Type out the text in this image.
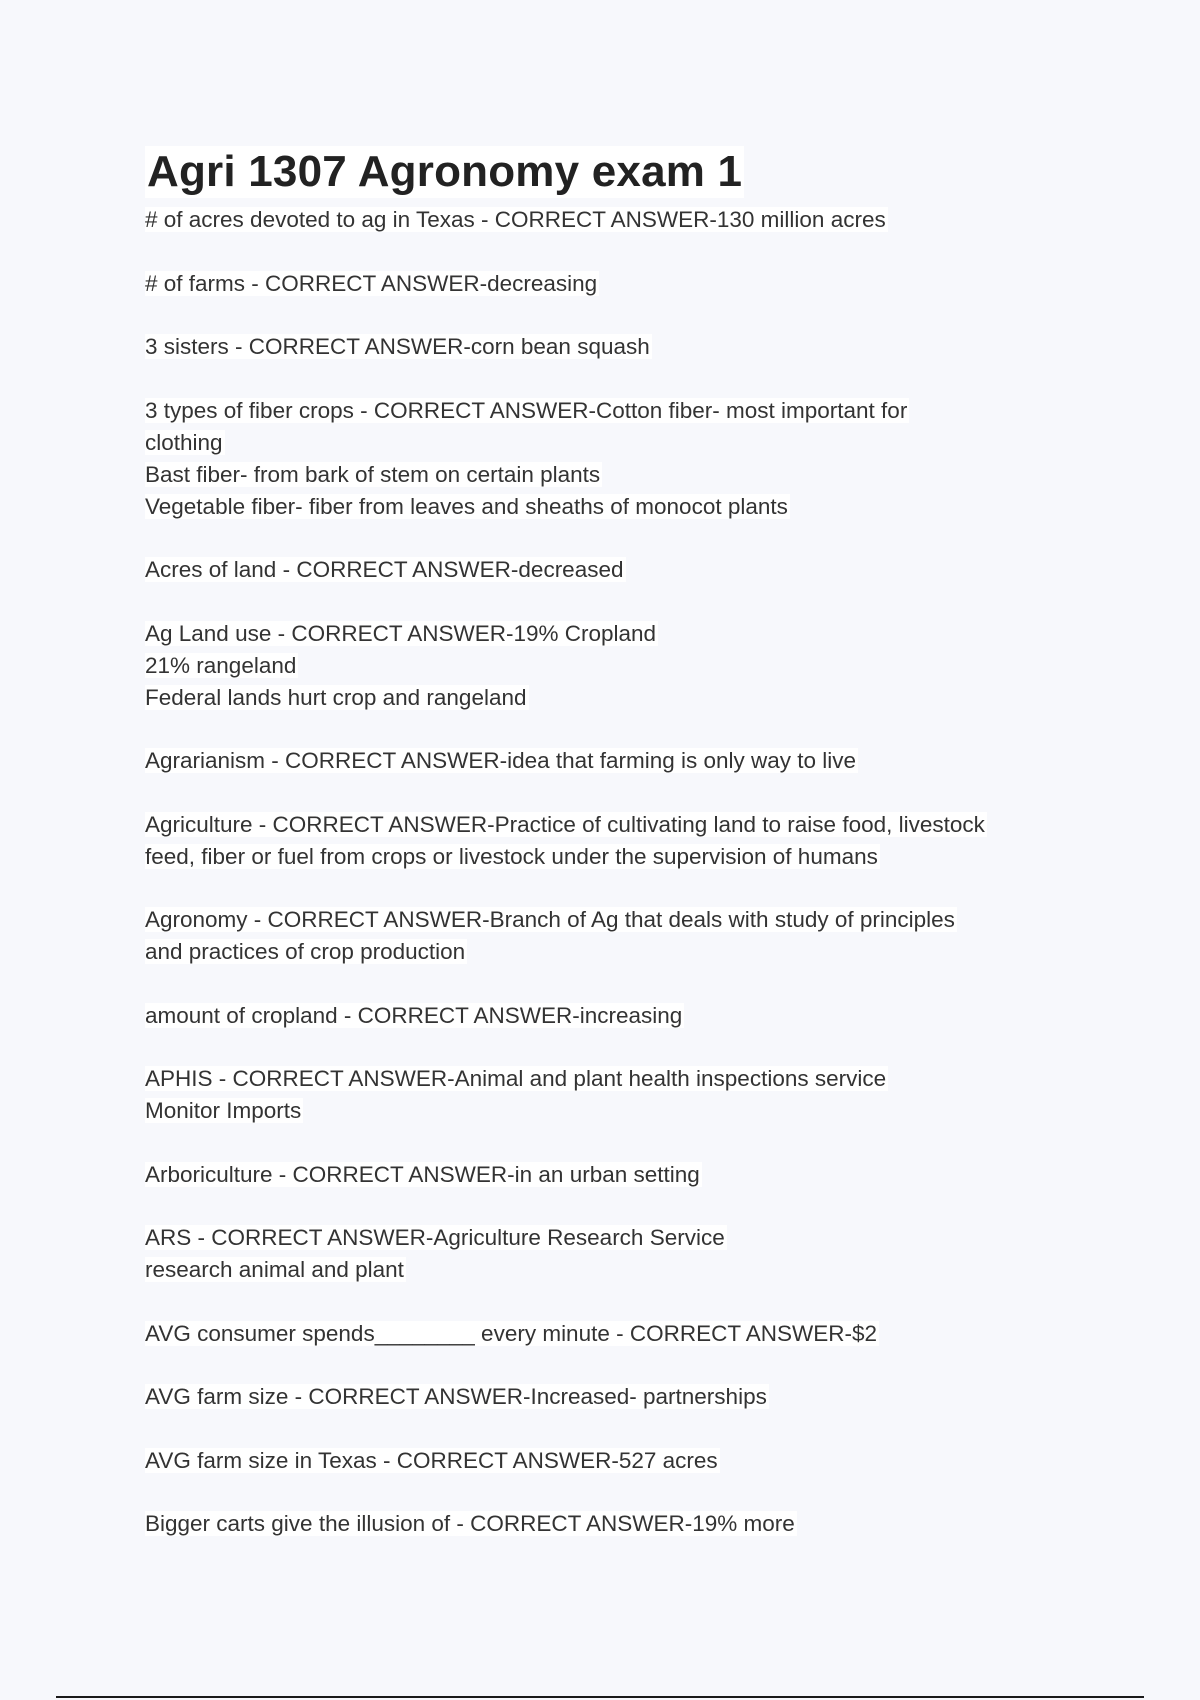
Agri 1307 Agronomy exam 1
# of acres devoted to ag in Texas - CORRECT ANSWER-130 million acres
# of farms - CORRECT ANSWER-decreasing
3 sisters - CORRECT ANSWER-corn bean squash
3 types of fiber crops - CORRECT ANSWER-Cotton fiber- most important for
clothing
Bast fiber- from bark of stem on certain plants
Vegetable fiber- fiber from leaves and sheaths of monocot plants
Acres of land - CORRECT ANSWER-decreased
Ag Land use - CORRECT ANSWER-19% Cropland
21% rangeland
Federal lands hurt crop and rangeland
Agrarianism - CORRECT ANSWER-idea that farming is only way to live
Agriculture - CORRECT ANSWER-Practice of cultivating land to raise food, livestock
feed, fiber or fuel from crops or livestock under the supervision of humans
Agronomy - CORRECT ANSWER-Branch of Ag that deals with study of principles
and practices of crop production
amount of cropland - CORRECT ANSWER-increasing
APHIS - CORRECT ANSWER-Animal and plant health inspections service
Monitor Imports
Arboriculture - CORRECT ANSWER-in an urban setting
ARS - CORRECT ANSWER-Agriculture Research Service
research animal and plant
AVG consumer spends________ every minute - CORRECT ANSWER-$2
AVG farm size - CORRECT ANSWER-Increased- partnerships
AVG farm size in Texas - CORRECT ANSWER-527 acres
Bigger carts give the illusion of - CORRECT ANSWER-19% more
